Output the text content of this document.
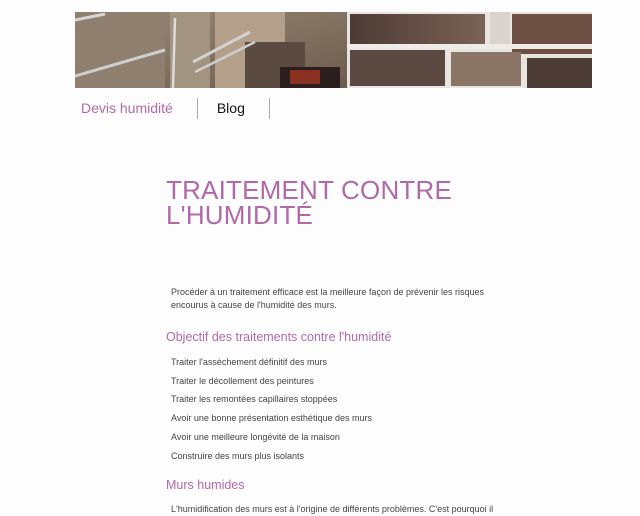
Devis humidité	Blog
TRAITEMENT CONTRE L'HUMIDITÉ

Procéder à un traitement efficace est la meilleure façon de prévenir les risques encourus à cause de l'humidité des murs.

Objectif des traitements contre l'humidité
Traiter l'assèchement définitif des murs
Traiter le décollement des peintures
Traiter les remontées capillaires stoppées
Avoir une bonne présentation esthétique des murs
Avoir une meilleure longévité de la maison
Construire des murs plus isolants
Murs humides

L'humidification des murs est à l'origine de différents problèmes. C'est pourquoi il
